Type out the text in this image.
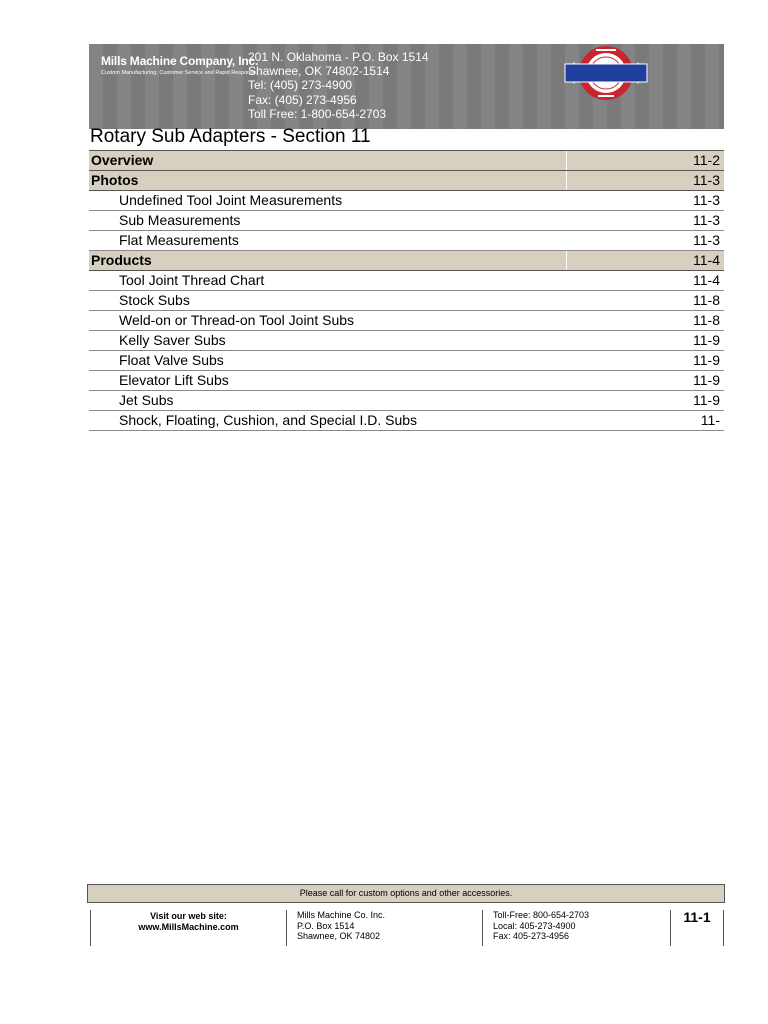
Mills Machine Company, Inc.
Custom Manufacturing, Customer Service and Rapid Response
201 N. Oklahoma - P.O. Box 1514
Shawnee, OK 74802-1514
Tel: (405) 273-4900
Fax: (405) 273-4956
Toll Free: 1-800-654-2703
Rotary Sub Adapters - Section 11
Overview	11-2
Photos	11-3
Undefined Tool Joint Measurements	11-3
Sub Measurements	11-3
Flat Measurements	11-3
Products	11-4
Tool Joint Thread Chart	11-4
Stock Subs	11-8
Weld-on or Thread-on Tool Joint Subs	11-8
Kelly Saver Subs	11-9
Float Valve Subs	11-9
Elevator Lift Subs	11-9
Jet Subs	11-9
Shock, Floating, Cushion, and Special I.D. Subs	11-
Please call for custom options and other accessories.
Visit our web site:
www.MillsMachine.com
Mills Machine Co. Inc.
P.O. Box 1514
Shawnee, OK 74802
Toll-Free: 800-654-2703
Local: 405-273-4900
Fax: 405-273-4956
11-1
